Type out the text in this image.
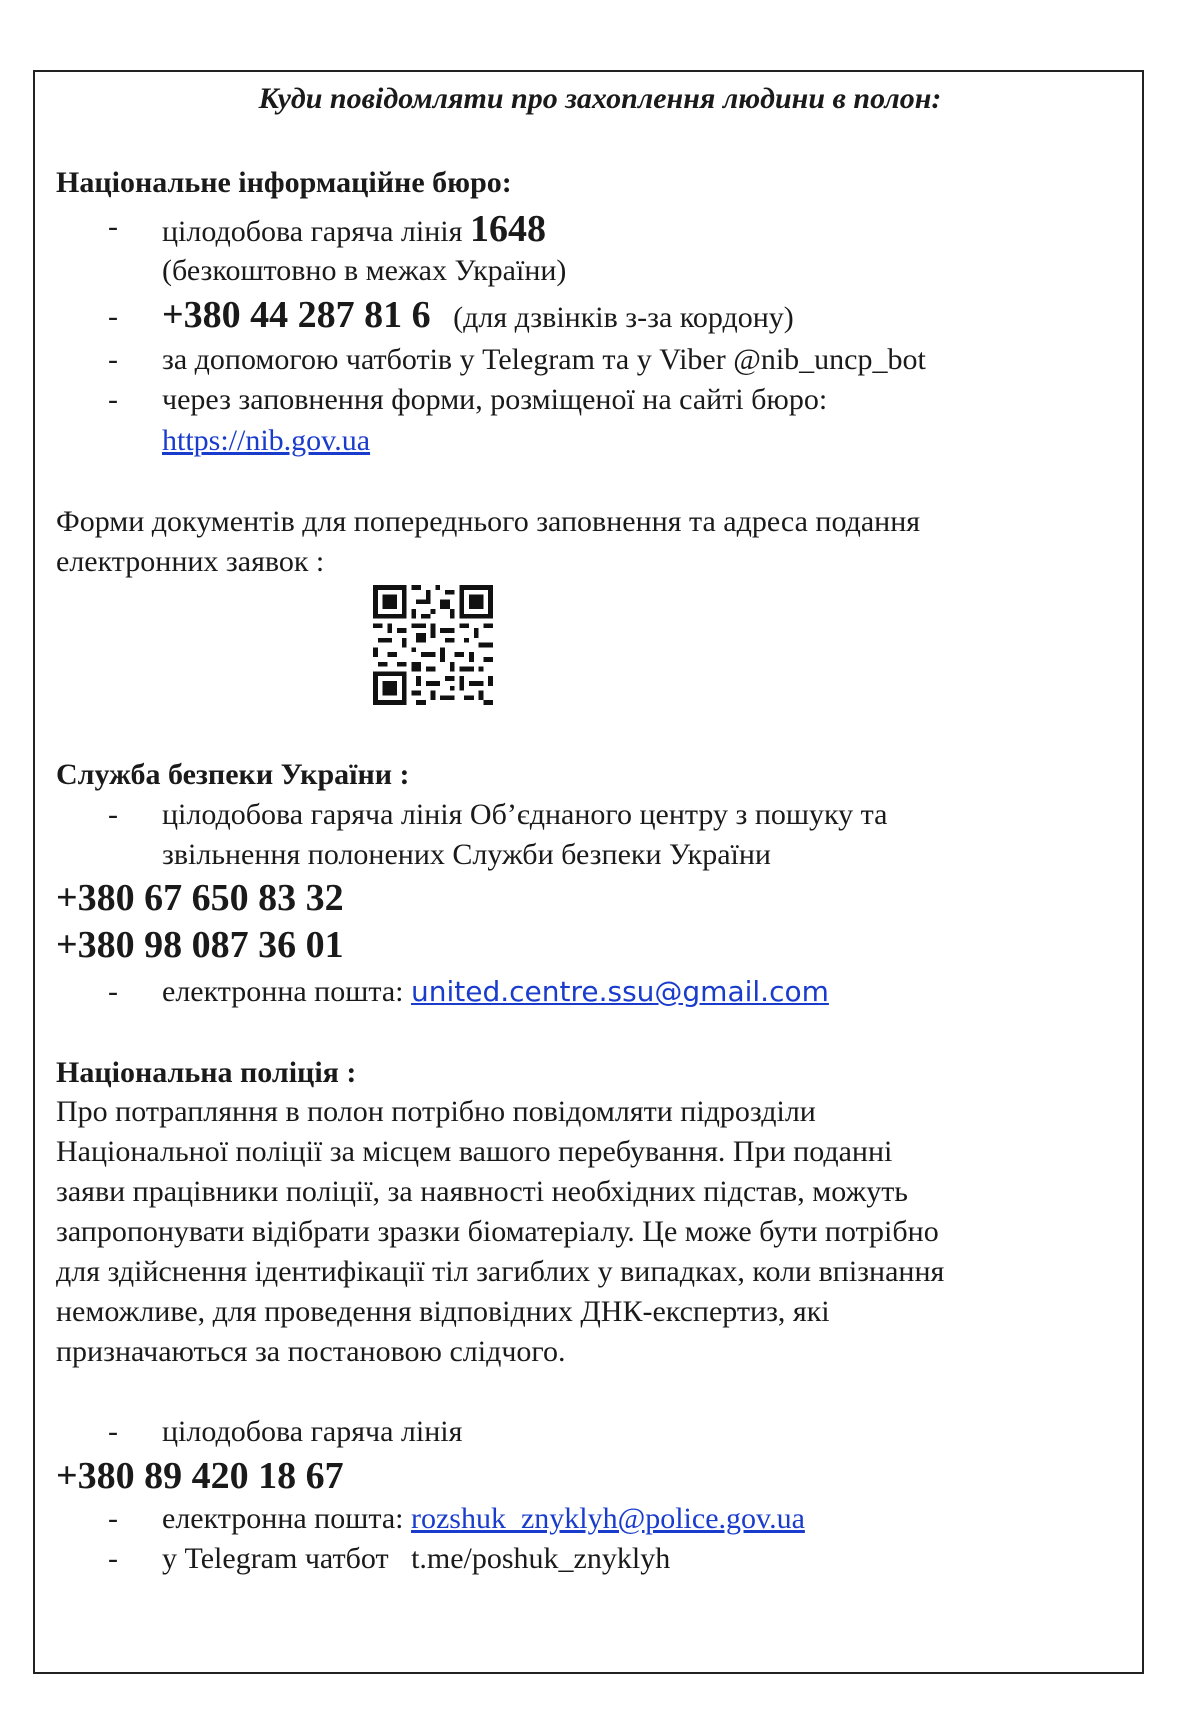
Куди повідомляти про захоплення людини в полон:
Національне інформаційне бюро:
- цілодобова гаряча лінія 1648
(безкоштовно в межах України)
- +380 44 287 81 6 (для дзвінків з-за кордону)
- за допомогою чатботів у Telegram та у Viber @nib_uncp_bot
- через заповнення форми, розміщеної на сайті бюро:
https://nib.gov.ua
Форми документів для попереднього заповнення та адреса подання
електронних заявок :
Служба безпеки України :
- цілодобова гаряча лінія Об’єднаного центру з пошуку та
звільнення полонених Служби безпеки України
+380 67 650 83 32
+380 98 087 36 01
- електронна пошта: united.centre.ssu@gmail.com
Національна поліція :
Про потрапляння в полон потрібно повідомляти підрозділи
Національної поліції за місцем вашого перебування. При поданні
заяви працівники поліції, за наявності необхідних підстав, можуть
запропонувати відібрати зразки біоматеріалу. Це може бути потрібно
для здійснення ідентифікації тіл загиблих у випадках, коли впізнання
неможливе, для проведення відповідних ДНК-експертиз, які
призначаються за постановою слідчого.
- цілодобова гаряча лінія
+380 89 420 18 67
- електронна пошта: rozshuk_znyklyh@police.gov.ua
- у Telegram чатбот t.me/poshuk_znyklyh
